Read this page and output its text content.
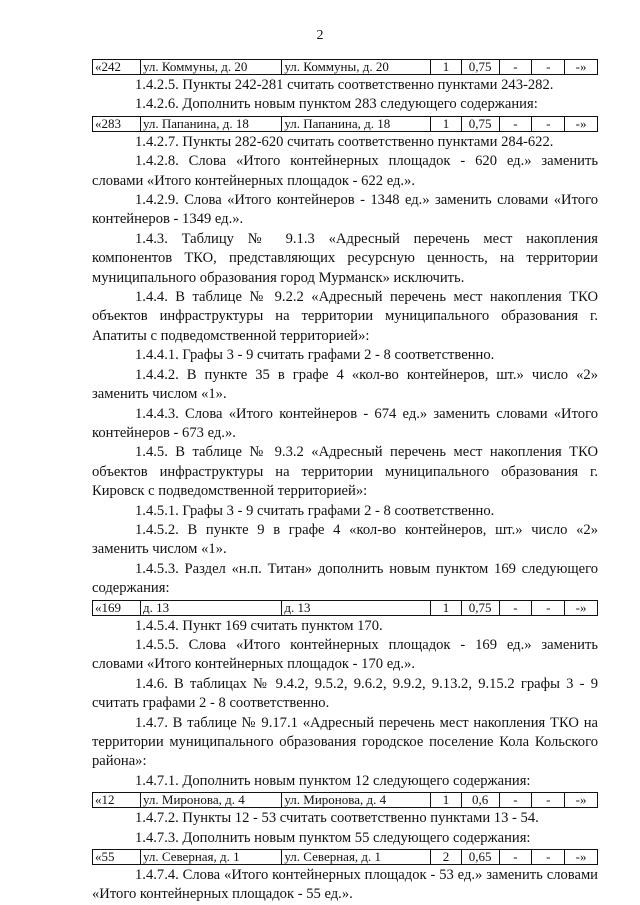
2
«242	ул. Коммуны, д. 20	ул. Коммуны, д. 20	1	0,75	-	-	-»

1.4.2.5. Пункты 242-281 считать соответственно пунктами 243-282.

1.4.2.6. Дополнить новым пунктом 283 следующего содержания:

«283	ул. Папанина, д. 18	ул. Папанина, д. 18	1	0,75	-	-	-»

1.4.2.7. Пункты 282-620 считать соответственно пунктами 284-622.

1.4.2.8. Слова «Итого контейнерных площадок - 620 ед.» заменить словами «Итого контейнерных площадок - 622 ед.».

1.4.2.9. Слова «Итого контейнеров - 1348 ед.» заменить словами «Итого контейнеров - 1349 ед.».

1.4.3. Таблицу № 9.1.3 «Адресный перечень мест накопления компонентов ТКО, представляющих ресурсную ценность, на территории муниципального образования город Мурманск» исключить.

1.4.4. В таблице № 9.2.2 «Адресный перечень мест накопления ТКО объектов инфраструктуры на территории муниципального образования г. Апатиты с подведомственной территорией»:

1.4.4.1. Графы 3 - 9 считать графами 2 - 8 соответственно.

1.4.4.2. В пункте 35 в графе 4 «кол-во контейнеров, шт.» число «2» заменить числом «1».

1.4.4.3. Слова «Итого контейнеров - 674 ед.» заменить словами «Итого контейнеров - 673 ед.».

1.4.5. В таблице № 9.3.2 «Адресный перечень мест накопления ТКО объектов инфраструктуры на территории муниципального образования г. Кировск с подведомственной территорией»:

1.4.5.1. Графы 3 - 9 считать графами 2 - 8 соответственно.

1.4.5.2. В пункте 9 в графе 4 «кол-во контейнеров, шт.» число «2» заменить числом «1».

1.4.5.3. Раздел «н.п. Титан» дополнить новым пунктом 169 следующего содержания:

«169	д. 13	д. 13	1	0,75	-	-	-»

1.4.5.4. Пункт 169 считать пунктом 170.

1.4.5.5. Слова «Итого контейнерных площадок - 169 ед.» заменить словами «Итого контейнерных площадок - 170 ед.».

1.4.6. В таблицах № 9.4.2, 9.5.2, 9.6.2, 9.9.2, 9.13.2, 9.15.2 графы 3 - 9 считать графами 2 - 8 соответственно.

1.4.7. В таблице № 9.17.1 «Адресный перечень мест накопления ТКО на территории муниципального образования городское поселение Кола Кольского района»:

1.4.7.1. Дополнить новым пунктом 12 следующего содержания:

«12	ул. Миронова, д. 4	ул. Миронова, д. 4	1	0,6	-	-	-»

1.4.7.2. Пункты 12 - 53 считать соответственно пунктами 13 - 54.

1.4.7.3. Дополнить новым пунктом 55 следующего содержания:

«55	ул. Северная, д. 1	ул. Северная, д. 1	2	0,65	-	-	-»

1.4.7.4. Слова «Итого контейнерных площадок - 53 ед.» заменить словами «Итого контейнерных площадок - 55 ед.».
